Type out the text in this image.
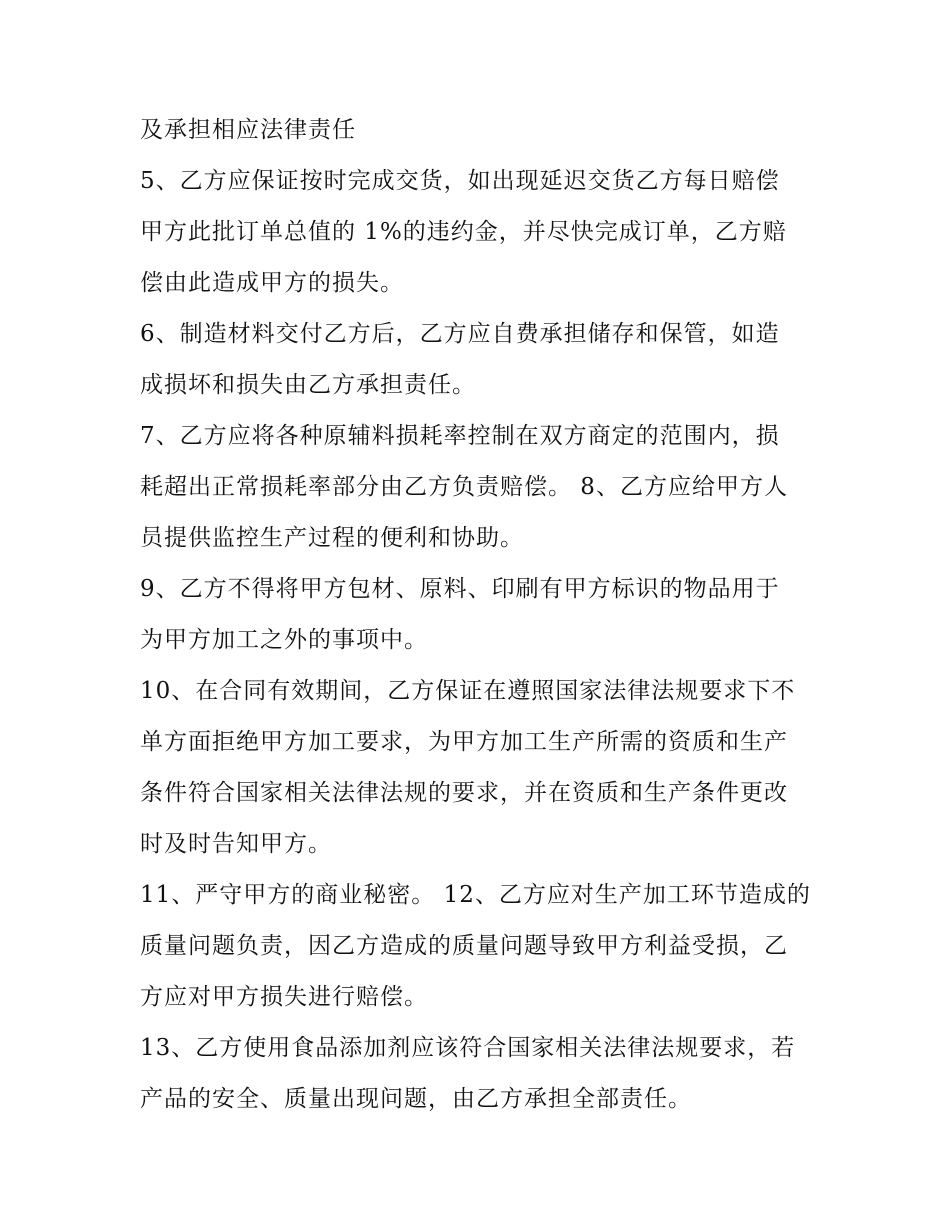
及承担相应法律责任
5、乙方应保证按时完成交货，如出现延迟交货乙方每日赔偿
甲方此批订单总值的 1%的违约金，并尽快完成订单，乙方赔
偿由此造成甲方的损失。
6、制造材料交付乙方后，乙方应自费承担储存和保管，如造
成损坏和损失由乙方承担责任。
7、乙方应将各种原辅料损耗率控制在双方商定的范围内，损
耗超出正常损耗率部分由乙方负责赔偿。 8、乙方应给甲方人
员提供监控生产过程的便利和协助。
9、乙方不得将甲方包材、原料、印刷有甲方标识的物品用于
为甲方加工之外的事项中。
10、在合同有效期间，乙方保证在遵照国家法律法规要求下不
单方面拒绝甲方加工要求，为甲方加工生产所需的资质和生产
条件符合国家相关法律法规的要求，并在资质和生产条件更改
时及时告知甲方。
11、严守甲方的商业秘密。 12、乙方应对生产加工环节造成的
质量问题负责，因乙方造成的质量问题导致甲方利益受损，乙
方应对甲方损失进行赔偿。
13、乙方使用食品添加剂应该符合国家相关法律法规要求，若
产品的安全、质量出现问题，由乙方承担全部责任。
